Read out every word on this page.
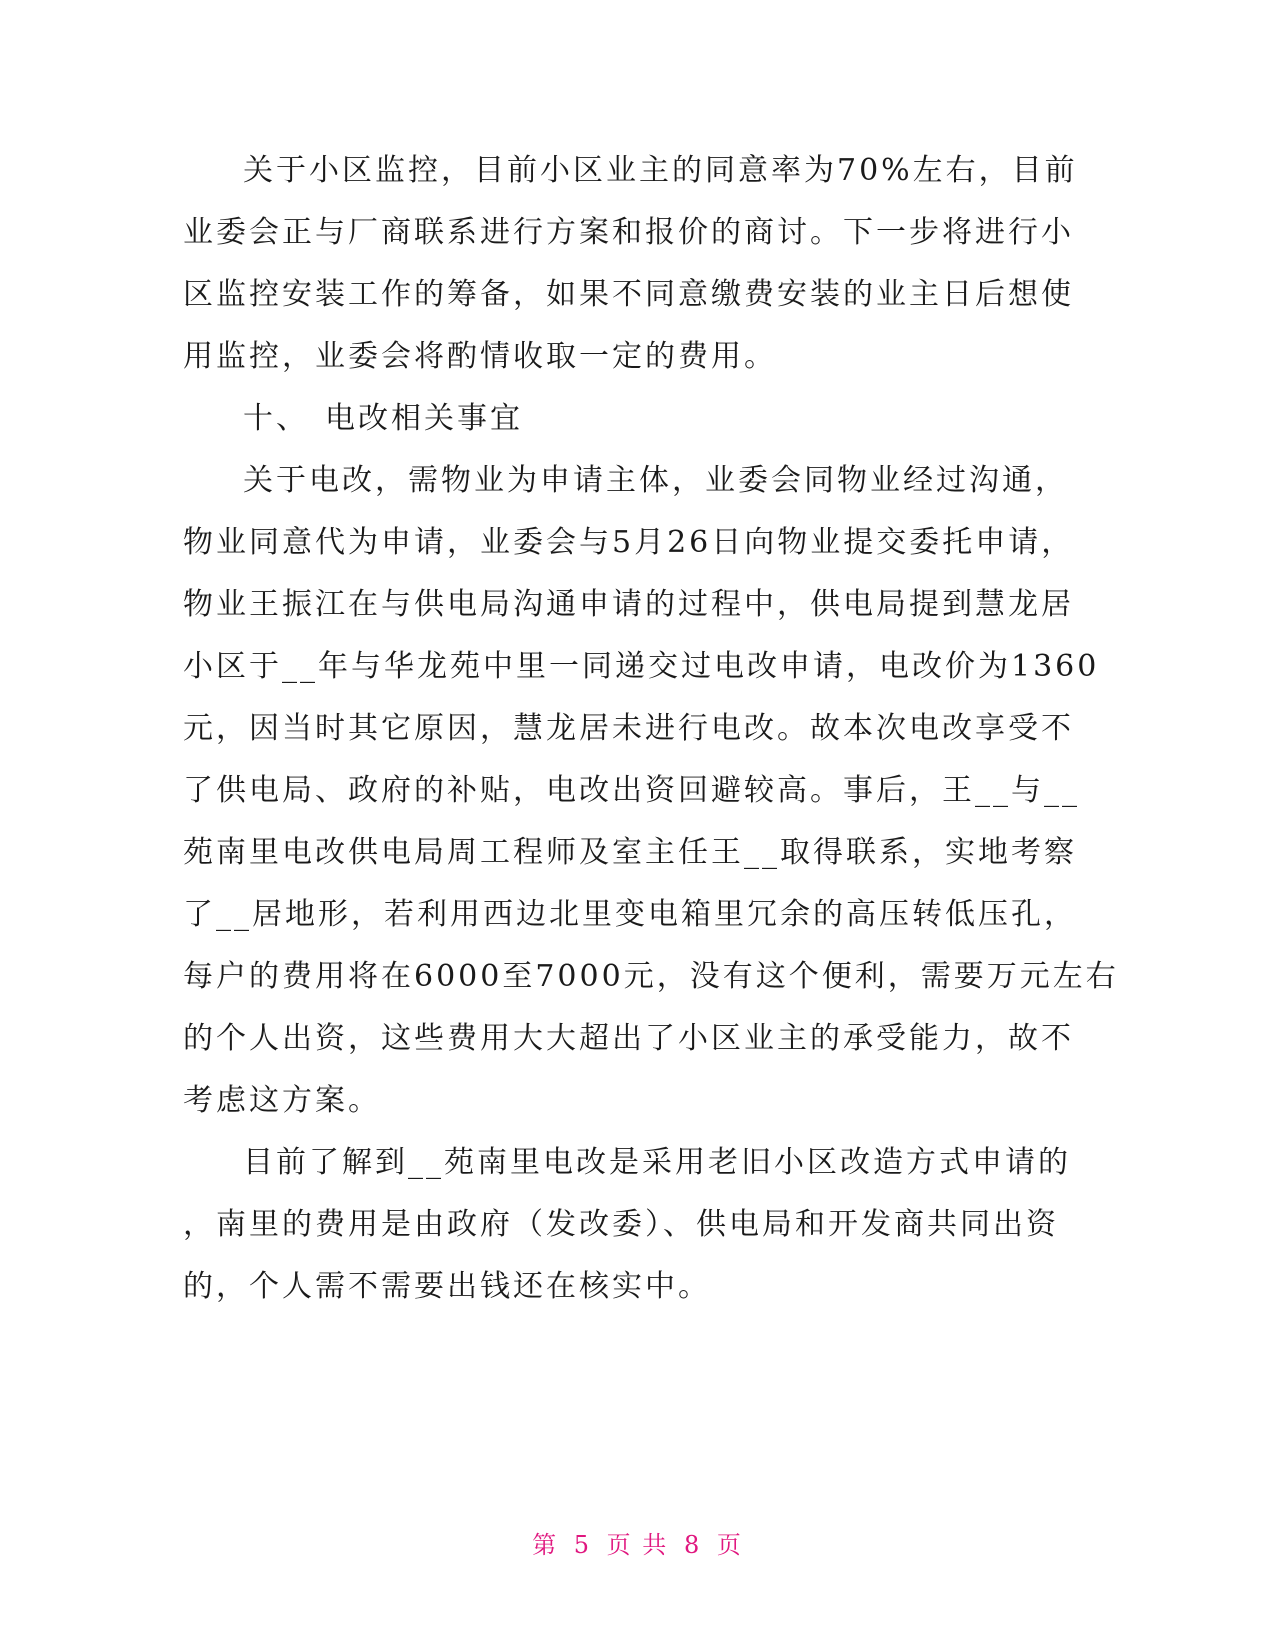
关于小区监控，目前小区业主的同意率为70%左右，目前
业委会正与厂商联系进行方案和报价的商讨。下一步将进行小
区监控安装工作的筹备，如果不同意缴费安装的业主日后想使
用监控，业委会将酌情收取一定的费用。
十、 电改相关事宜
关于电改，需物业为申请主体，业委会同物业经过沟通，
物业同意代为申请，业委会与5月26日向物业提交委托申请，
物业王振江在与供电局沟通申请的过程中，供电局提到慧龙居
小区于__年与华龙苑中里一同递交过电改申请，电改价为1360
元，因当时其它原因，慧龙居未进行电改。故本次电改享受不
了供电局、政府的补贴，电改出资回避较高。事后，王__与__
苑南里电改供电局周工程师及室主任王__取得联系，实地考察
了__居地形，若利用西边北里变电箱里冗余的高压转低压孔，
每户的费用将在6000至7000元，没有这个便利，需要万元左右
的个人出资，这些费用大大超出了小区业主的承受能力，故不
考虑这方案。
目前了解到__苑南里电改是采用老旧小区改造方式申请的
，南里的费用是由政府（发改委）、供电局和开发商共同出资
的，个人需不需要出钱还在核实中。
第 5 页 共 8 页
